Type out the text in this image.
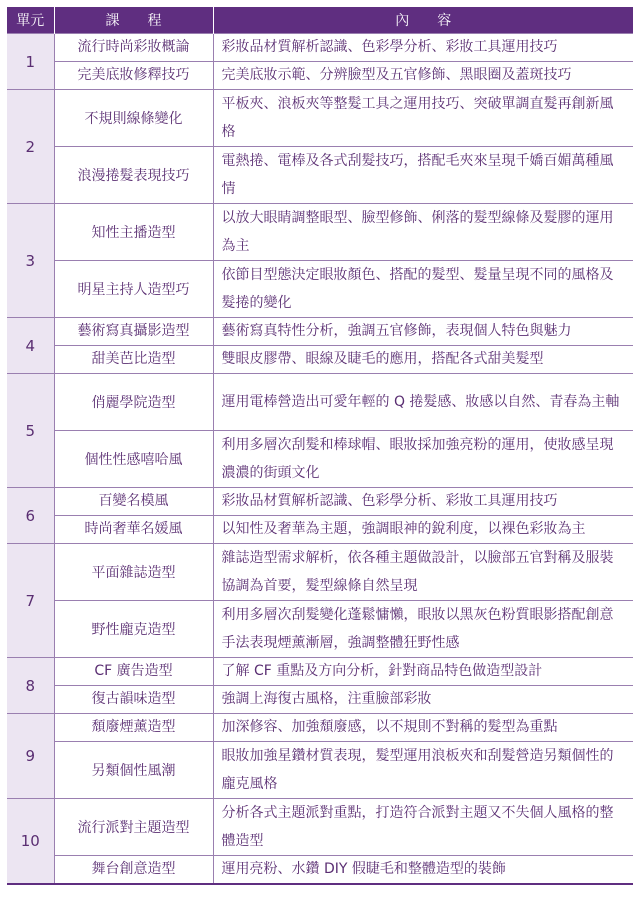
單元	課　　程	內　　容
1	流行時尚彩妝概論	彩妝品材質解析認識、色彩學分析、彩妝工具運用技巧
	完美底妝修釋技巧	完美底妝示範、分辨臉型及五官修飾、黑眼圈及蓋斑技巧
2	不規則線條變化	平板夾、浪板夾等整髮工具之運用技巧、突破單調直髮再創新風格
	浪漫捲髮表現技巧	電熱捲、電棒及各式刮髮技巧，搭配毛夾來呈現千嬌百媚萬種風情
3	知性主播造型	以放大眼睛調整眼型、臉型修飾、俐落的髮型線條及髮膠的運用為主
	明星主持人造型巧	依節目型態決定眼妝顏色、搭配的髮型、髮量呈現不同的風格及髮捲的變化
4	藝術寫真攝影造型	藝術寫真特性分析，強調五官修飾，表現個人特色與魅力
	甜美芭比造型	雙眼皮膠帶、眼線及睫毛的應用，搭配各式甜美髮型
5	俏麗學院造型	運用電棒營造出可愛年輕的 Q 捲髮感、妝感以自然、青春為主軸
	個性性感嘻哈風	利用多層次刮髮和棒球帽、眼妝採加強亮粉的運用，使妝感呈現濃濃的街頭文化
6	百變名模風	彩妝品材質解析認識、色彩學分析、彩妝工具運用技巧
	時尚奢華名媛風	以知性及奢華為主題，強調眼神的銳利度，以裸色彩妝為主
7	平面雜誌造型	雜誌造型需求解析，依各種主題做設計，以臉部五官對稱及服裝協調為首要，髮型線條自然呈現
	野性龐克造型	利用多層次刮髮變化蓬鬆慵懶，眼妝以黑灰色粉質眼影搭配創意手法表現煙薰漸層，強調整體狂野性感
8	CF 廣告造型	了解 CF 重點及方向分析，針對商品特色做造型設計
	復古韻味造型	強調上海復古風格，注重臉部彩妝
9	頹廢煙薰造型	加深修容、加強頹廢感，以不規則不對稱的髮型為重點
	另類個性風潮	眼妝加強星鑽材質表現，髮型運用浪板夾和刮髮營造另類個性的龐克風格
10	流行派對主題造型	分析各式主題派對重點，打造符合派對主題又不失個人風格的整體造型
	舞台創意造型	運用亮粉、水鑽 DIY 假睫毛和整體造型的裝飾
